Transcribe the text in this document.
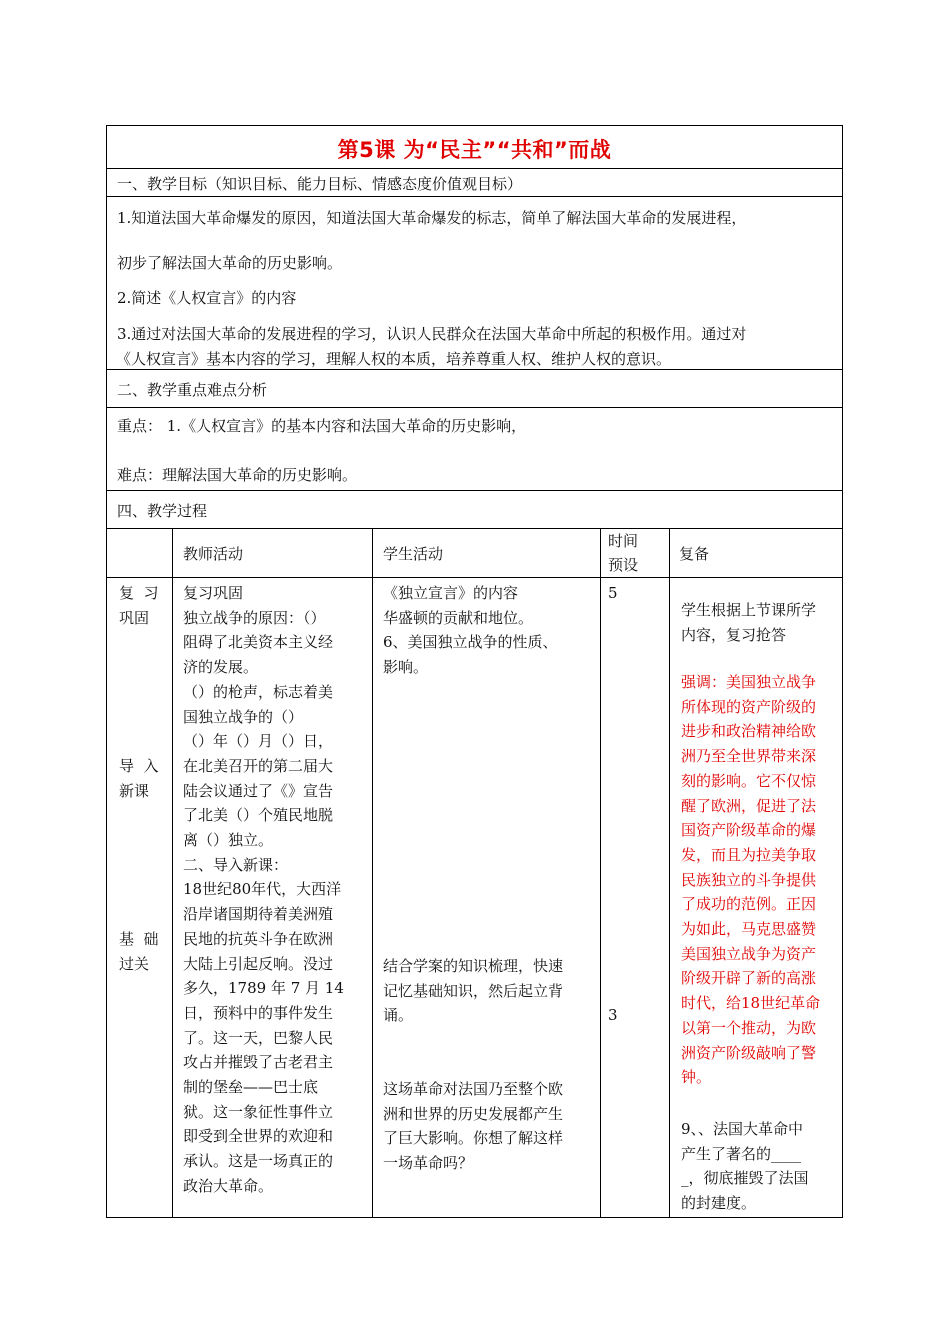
第5课 为“民主”“共和”而战
一、教学目标（知识目标、能力目标、情感态度价值观目标）
1.知道法国大革命爆发的原因，知道法国大革命爆发的标志，简单了解法国大革命的发展进程，
初步了解法国大革命的历史影响。
2.简述《人权宣言》的内容
3.通过对法国大革命的发展进程的学习，认识人民群众在法国大革命中所起的积极作用。通过对
《人权宣言》基本内容的学习，理解人权的本质，培养尊重人权、维护人权的意识。
二、教学重点难点分析
重点： 1.《人权宣言》的基本内容和法国大革命的历史影响，
难点：理解法国大革命的历史影响。
四、教学过程
教师活动	学生活动
时间
预设
复备
复  习
巩固
导  入
新课
基  础
过关
复习巩固
独立战争的原因：（）
阻碍了北美资本主义经
济的发展。
（）的枪声，标志着美
国独立战争的（）
（）年（）月（）日，
在北美召开的第二届大
陆会议通过了《》宣告
了北美（）个殖民地脱
离（）独立。
二、导入新课：
18世纪80年代，大西洋
沿岸诸国期待着美洲殖
民地的抗英斗争在欧洲
大陆上引起反响。没过
多久，1789 年 7 月 14
日，预料中的事件发生
了。这一天，巴黎人民
攻占并摧毁了古老君主
制的堡垒——巴士底
狱。这一象征性事件立
即受到全世界的欢迎和
承认。这是一场真正的
政治大革命。
《独立宣言》的内容
华盛顿的贡献和地位。
6、美国独立战争的性质、
影响。
结合学案的知识梳理，快速
记忆基础知识，然后起立背
诵。
这场革命对法国乃至整个欧
洲和世界的历史发展都产生
了巨大影响。你想了解这样
一场革命吗？
5
3
学生根据上节课所学
内容，复习抢答
强调：美国独立战争
所体现的资产阶级的
进步和政治精神给欧
洲乃至全世界带来深
刻的影响。它不仅惊
醒了欧洲，促进了法
国资产阶级革命的爆
发，而且为拉美争取
民族独立的斗争提供
了成功的范例。正因
为如此，马克思盛赞
美国独立战争为资产
阶级开辟了新的高涨
时代，给18世纪革命
以第一个推动，为欧
洲资产阶级敲响了警
钟。
9、、法国大革命中
产生了著名的____
_，彻底摧毁了法国
的封建度。
